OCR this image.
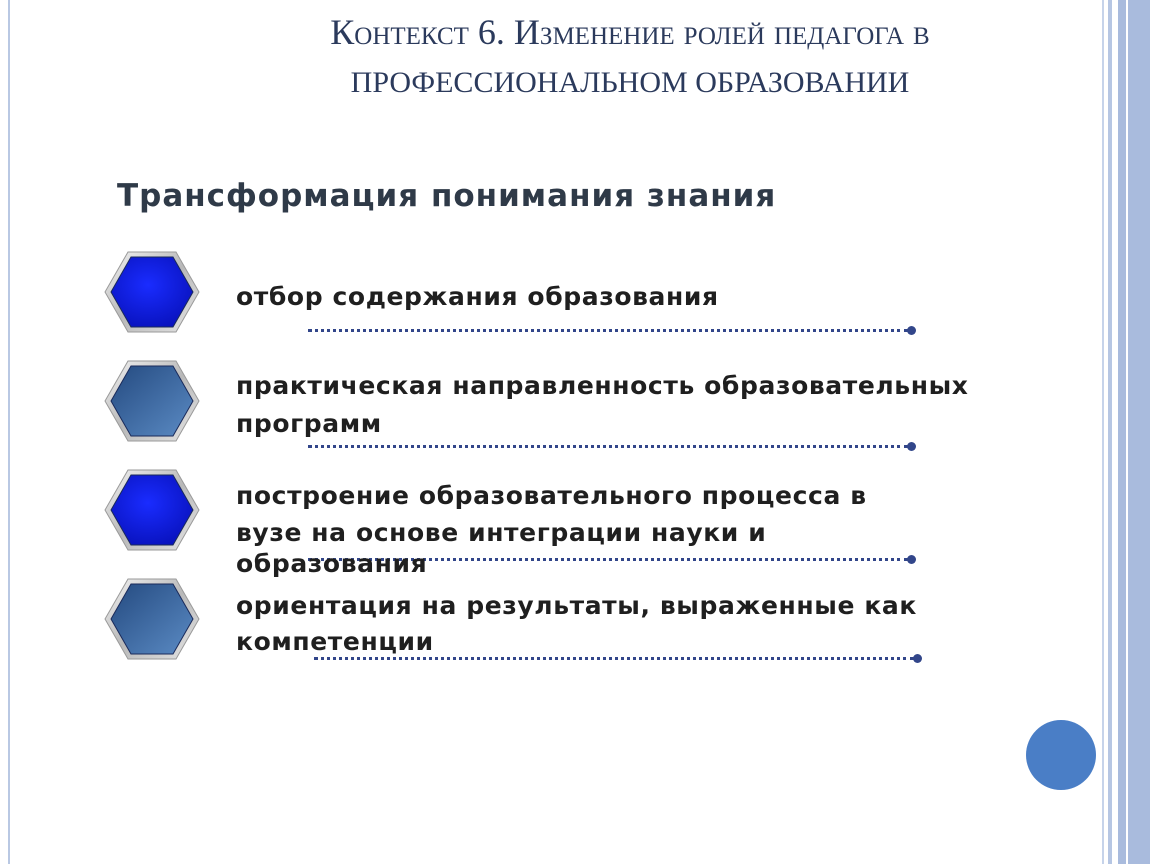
Контекст 6. Изменение ролей педагога в
ПРОФЕССИОНАЛЬНОМ ОБРАЗОВАНИИ
Трансформация понимания знания
отбор содержания образования
практическая направленность образовательных
программ
построение образовательного процесса в
вузе на основе интеграции науки и
образования
ориентация на результаты, выраженные как
компетенции
